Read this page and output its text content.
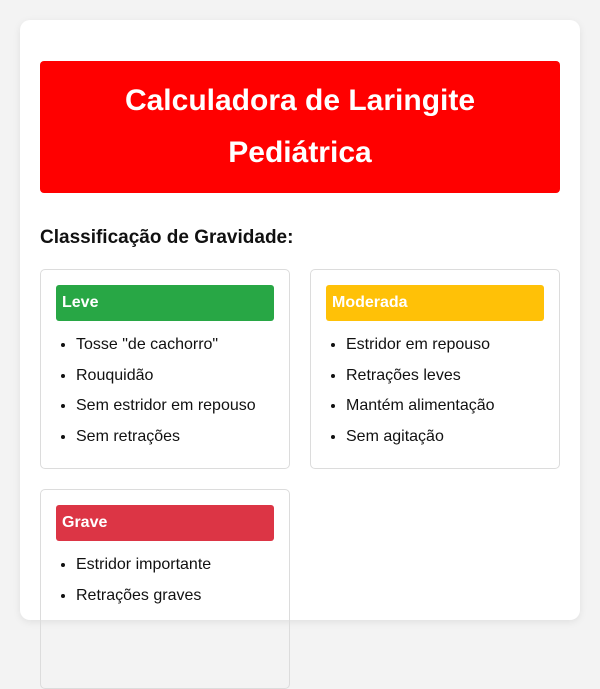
Calculadora de Laringite Pediátrica
Classificação de Gravidade:
Leve
• Tosse "de cachorro"
• Rouquidão
• Sem estridor em repouso
• Sem retrações
Moderada
• Estridor em repouso
• Retrações leves
• Mantém alimentação
• Sem agitação
Grave
• Estridor importante
• Retrações graves
